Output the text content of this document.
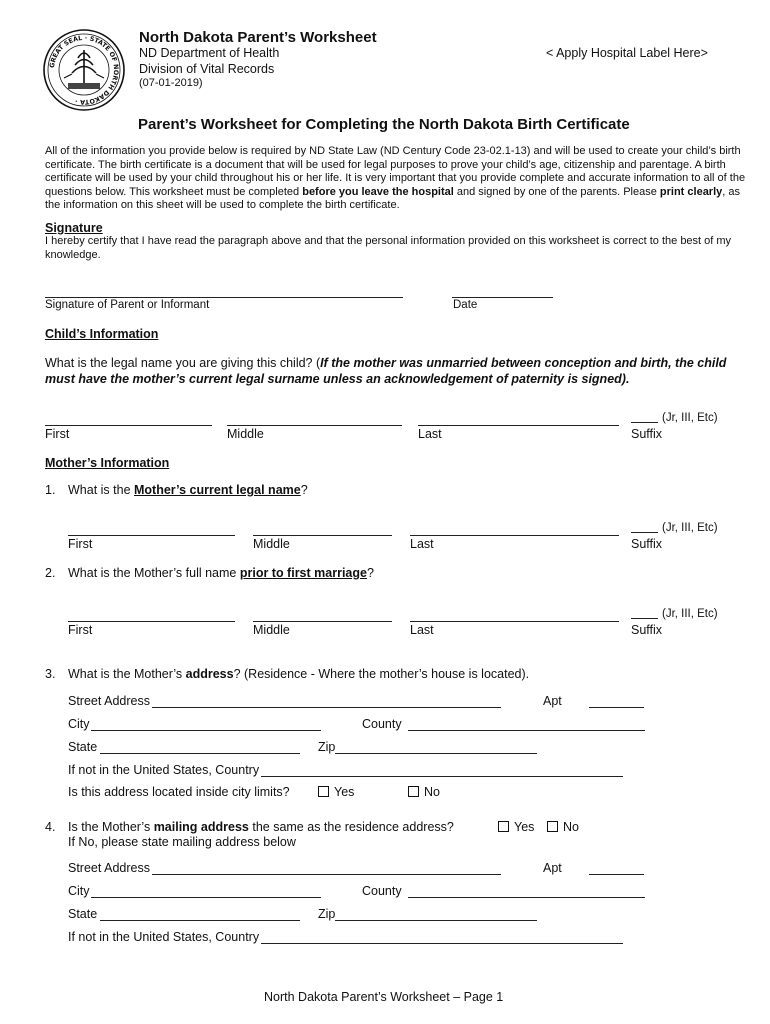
GREAT SEAL · STATE OF NORTH DAKOTA ·
North Dakota Parent’s Worksheet
ND Department of Health
Division of Vital Records
(07-01-2019)
< Apply Hospital Label Here>
Parent’s Worksheet for Completing the North Dakota Birth Certificate
All of the information you provide below is required by ND State Law (ND Century Code 23-02.1-13) and will be used to create your child’s birth certificate. The birth certificate is a document that will be used for legal purposes to prove your child’s age, citizenship and parentage. A birth certificate will be used by your child throughout his or her life. It is very important that you provide complete and accurate information to all of the questions below. This worksheet must be completed before you leave the hospital and signed by one of the parents. Please print clearly, as the information on this sheet will be used to complete the birth certificate.
Signature
I hereby certify that I have read the paragraph above and that the personal information provided on this worksheet is correct to the best of my knowledge.
Signature of Parent or Informant	Date
Child’s Information
What is the legal name you are giving this child? (If the mother was unmarried between conception and birth, the child must have the mother’s current legal surname unless an acknowledgement of paternity is signed).
(Jr, III, Etc)
First	Middle	Last	Suffix
Mother’s Information
1. What is the Mother’s current legal name?
(Jr, III, Etc)
First	Middle	Last	Suffix
2. What is the Mother’s full name prior to first marriage?
(Jr, III, Etc)
First	Middle	Last	Suffix
3. What is the Mother’s address? (Residence - Where the mother’s house is located).
Street Address	Apt
City	County
State	Zip
If not in the United States, Country
Is this address located inside city limits?	Yes	No
4. Is the Mother’s mailing address the same as the residence address?	Yes	No
If No, please state mailing address below
Street Address	Apt
City	County
State	Zip
If not in the United States, Country
North Dakota Parent’s Worksheet – Page 1
